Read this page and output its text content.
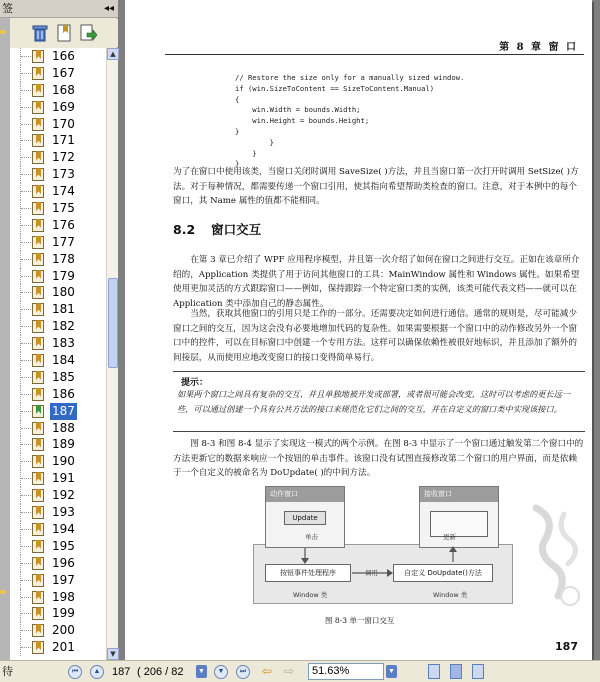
签	◂◂
166
167
168
169
170
171
172
173
174
175
176
177
178
179
180
181
182
183
184
185
186
187
188
189
190
191
192
193
194
195
196
197
198
199
200
201
▲
▼
第 8 章 窗 口
// Restore the size only for a manually sized window.
if (win.SizeToContent == SizeToContent.Manual)
{
win.Width = bounds.Width;
win.Height = bounds.Height;
}
}
}
}
为了在窗口中使用该类，当窗口关闭时调用 SaveSize( )方法，并且当窗口第一次打开时调用 SetSize( )方法。对于每种情况，都需要传递一个窗口引用，使其指向希望帮助类检查的窗口。注意，对于本例中的每个窗口，其 Name 属性的值都不能相同。
8.2 窗口交互
在第 3 章已介绍了 WPF 应用程序模型，并且第一次介绍了如何在窗口之间进行交互。正如在该章所介绍的，Application 类提供了用于访问其他窗口的工具：MainWindow 属性和 Windows 属性。如果希望使用更加灵活的方式跟踪窗口——例如，保持跟踪一个特定窗口类的实例，该类可能代表文档——就可以在 Application 类中添加自己的静态属性。
当然，获取其他窗口的引用只是工作的一部分。还需要决定如何进行通信。通常的规则是，尽可能减少窗口之间的交互，因为这会没有必要地增加代码的复杂性。如果需要根据一个窗口中的动作修改另外一个窗口中的控件，可以在目标窗口中创建一个专用方法。这样可以确保依赖性被很好地标识，并且添加了额外的间接层，从而使用应地改变窗口的接口变得简单易行。
提示：
如果两个窗口之间具有复杂的交互、并且单独地被开发或部署，或者很可能会改变，这时可以考虑的更长远一些，可以通过创建一个具有公共方法的接口来规范化它们之间的交互，并在自定义的窗口类中实现该接口。
图 8-3 和图 8-4 显示了实现这一模式的两个示例。在图 8-3 中显示了一个窗口通过触发第二个窗口中的方法更新它的数据来响应一个按钮的单击事件。该窗口没有试图直接修改第二个窗口的用户界面，而是依赖于一个自定义的被命名为 DoUpdate( )的中间方法。
动作窗口
Update
接收窗口
单击	更新
按钮事件处理程序	调用	自定义 DoUpdate()方法
Window 类	Window 类
图 8-3 单一窗口交互
187
待	⏮	▲	187 ( 206 / 82 ▼	▼	⏭	⇦ ⇨	51.63%	▼
